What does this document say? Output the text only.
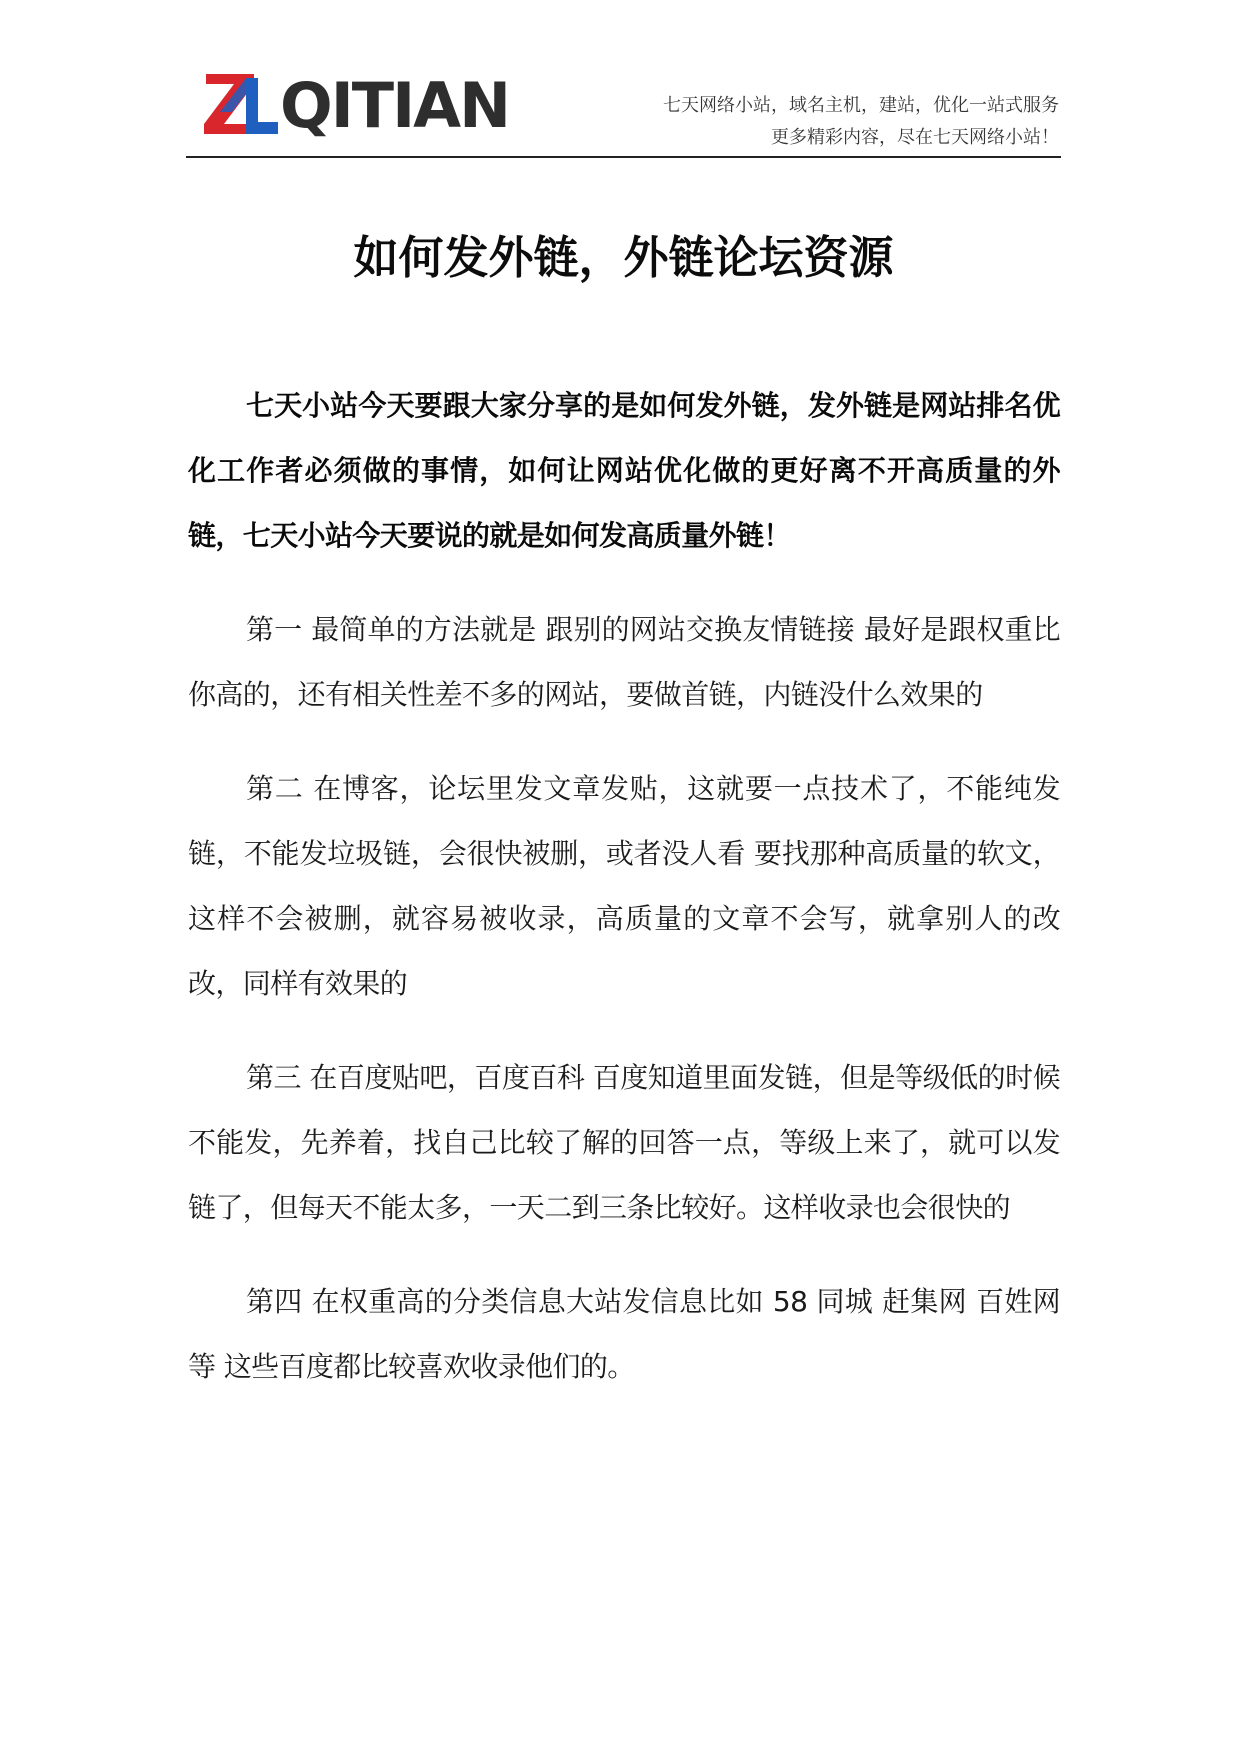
QITIAN	七天网络小站，域名主机，建站，优化一站式服务
更多精彩内容，尽在七天网络小站！
如何发外链，外链论坛资源

七天小站今天要跟大家分享的是如何发外链，发外链是网站排名优化工作者必须做的事情，如何让网站优化做的更好离不开高质量的外链，七天小站今天要说的就是如何发高质量外链！

第一 最简单的方法就是 跟别的网站交换友情链接 最好是跟权重比你高的，还有相关性差不多的网站，要做首链，内链没什么效果的

第二 在博客，论坛里发文章发贴，这就要一点技术了，不能纯发链，不能发垃圾链，会很快被删，或者没人看 要找那种高质量的软文，这样不会被删，就容易被收录，高质量的文章不会写，就拿别人的改改，同样有效果的

第三 在百度贴吧，百度百科 百度知道里面发链，但是等级低的时候不能发，先养着，找自己比较了解的回答一点，等级上来了，就可以发链了，但每天不能太多，一天二到三条比较好。这样收录也会很快的

第四 在权重高的分类信息大站发信息比如 58 同城 赶集网 百姓网等 这些百度都比较喜欢收录他们的。
